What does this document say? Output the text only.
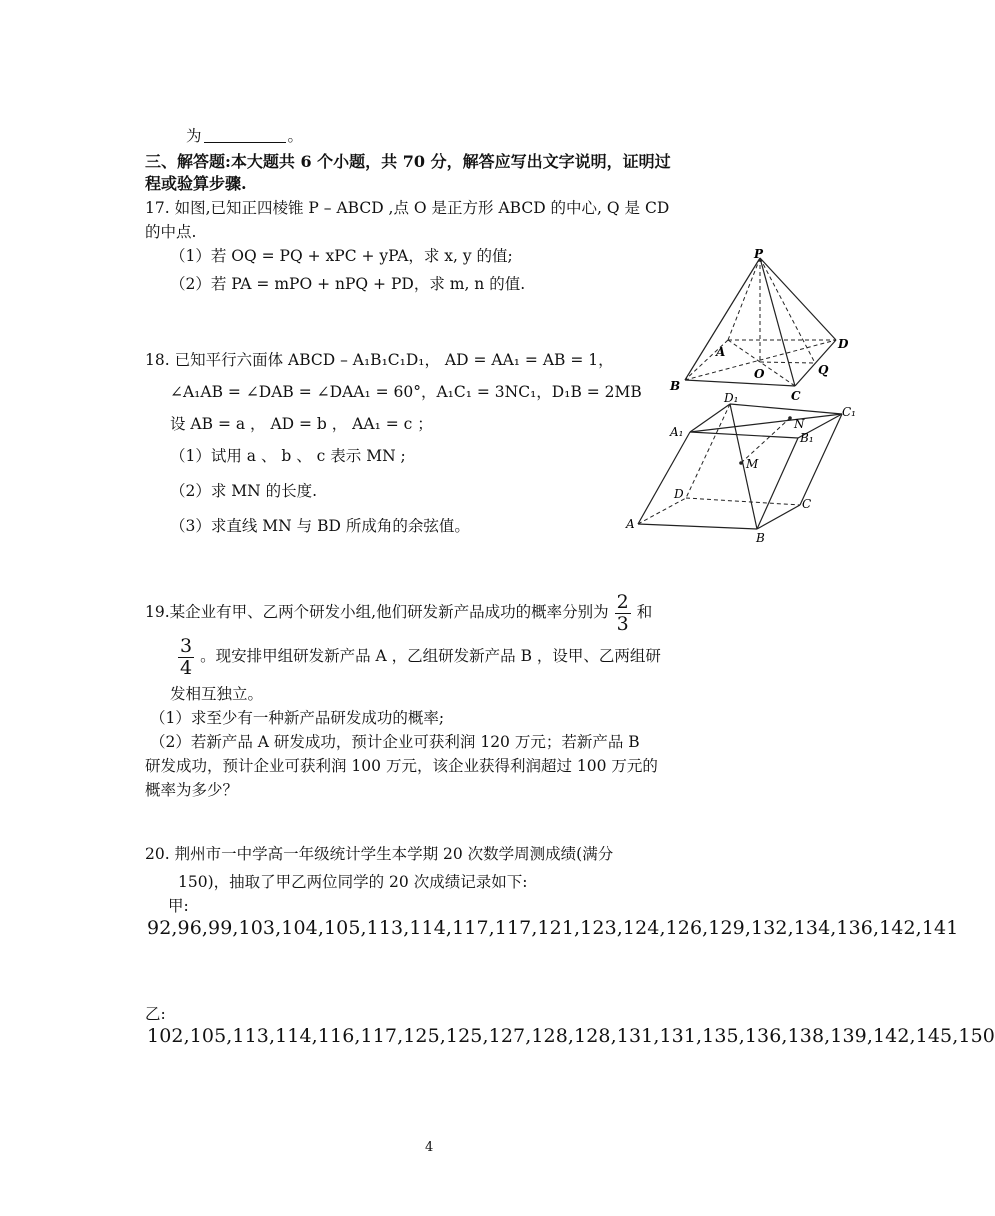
为	。
三、解答题:本大题共 6 个小题，共 70 分，解答应写出文字说明，证明过
程或验算步骤.
17. 如图,已知正四棱锥 P – ABCD ,点 O 是正方形 ABCD 的中心, Q 是 CD
的中点.
（1）若 OQ = PQ + xPC + yPA，求 x, y 的值;
（2）若 PA = mPO + nPQ + PD，求 m, n 的值.
18. 已知平行六面体 ABCD – A₁B₁C₁D₁， AD = AA₁ = AB = 1，
∠A₁AB = ∠DAB = ∠DAA₁ = 60°，A₁C₁ = 3NC₁，D₁B = 2MB
设 AB = a ， AD = b ， AA₁ = c ；
（1）试用 a 、 b 、 c 表示 MN ;
（2）求 MN 的长度.
（3）求直线 MN 与 BD 所成角的余弦值。
P
A
B
C
D
O	Q
A₁
D₁
C₁
B₁
A
B
C
D
M
N
19.某企业有甲、乙两个研发小组,他们研发新产品成功的概率分别为 $\frac{2}{3}$ 和
$\frac{3}{4}$ 。现安排甲组研发新产品 A ，乙组研发新产品 B ，设甲、乙两组研
发相互独立。
（1）求至少有一种新产品研发成功的概率;
（2）若新产品 A 研发成功，预计企业可获利润 120 万元；若新产品 B
研发成功，预计企业可获利润 100 万元，该企业获得利润超过 100 万元的
概率为多少？
20. 荆州市一中学高一年级统计学生本学期 20 次数学周测成绩(满分
150)，抽取了甲乙两位同学的 20 次成绩记录如下:
甲:
92,96,99,103,104,105,113,114,117,117,121,123,124,126,129,132,134,136,142,141
乙:
102,105,113,114,116,117,125,125,127,128,128,131,131,135,136,138,139,142,145,150
4
